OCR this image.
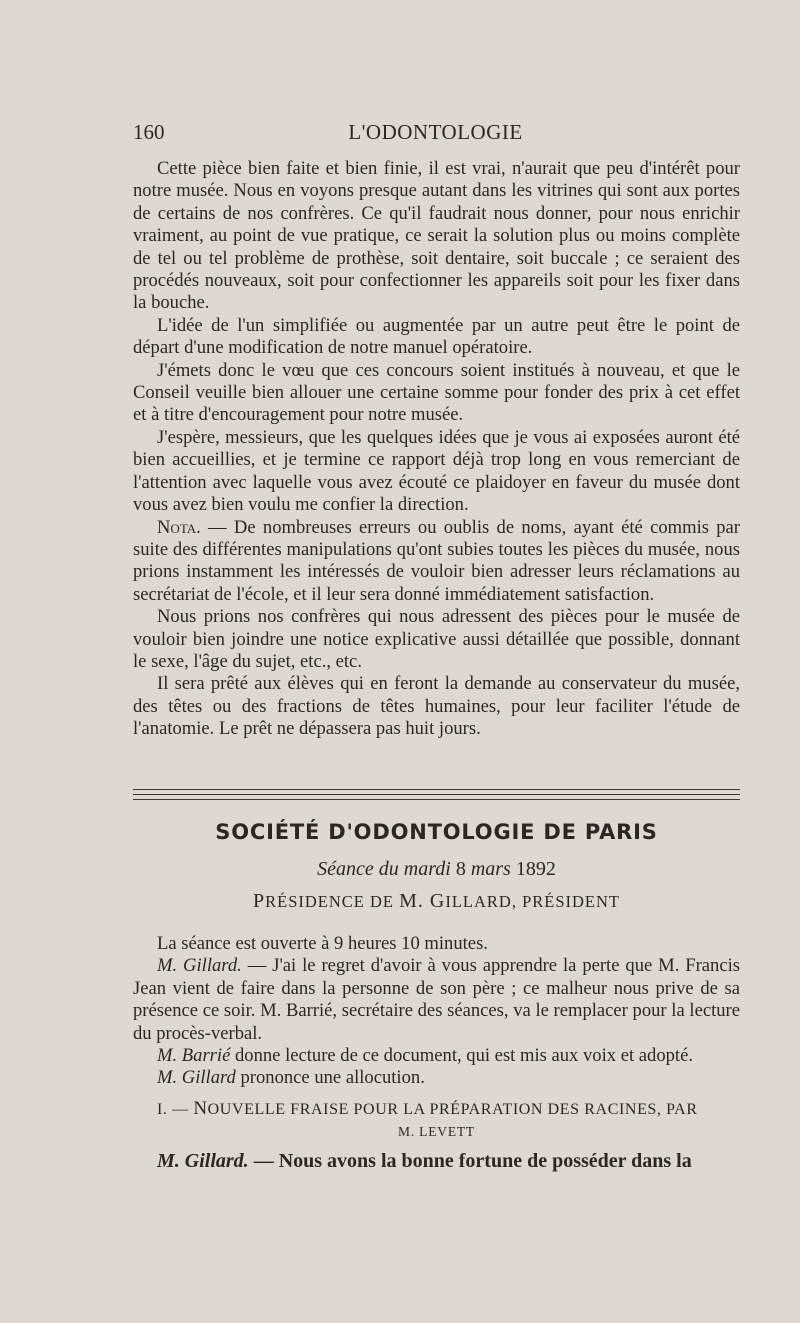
160	L'ODONTOLOGIE

Cette pièce bien faite et bien finie, il est vrai, n'aurait que peu d'intérêt pour notre musée. Nous en voyons presque autant dans les vitrines qui sont aux portes de certains de nos confrères. Ce qu'il faudrait nous donner, pour nous enrichir vraiment, au point de vue pratique, ce serait la solution plus ou moins complète de tel ou tel problème de prothèse, soit dentaire, soit buccale ; ce seraient des procédés nouveaux, soit pour confectionner les appareils soit pour les fixer dans la bouche.

L'idée de l'un simplifiée ou augmentée par un autre peut être le point de départ d'une modification de notre manuel opératoire.

J'émets donc le vœu que ces concours soient institués à nouveau, et que le Conseil veuille bien allouer une certaine somme pour fonder des prix à cet effet et à titre d'encouragement pour notre musée.

J'espère, messieurs, que les quelques idées que je vous ai exposées auront été bien accueillies, et je termine ce rapport déjà trop long en vous remerciant de l'attention avec laquelle vous avez écouté ce plaidoyer en faveur du musée dont vous avez bien voulu me confier la direction.

Nota. — De nombreuses erreurs ou oublis de noms, ayant été commis par suite des différentes manipulations qu'ont subies toutes les pièces du musée, nous prions instamment les intéressés de vouloir bien adresser leurs réclamations au secrétariat de l'école, et il leur sera donné immédiatement satisfaction.

Nous prions nos confrères qui nous adressent des pièces pour le musée de vouloir bien joindre une notice explicative aussi détaillée que possible, donnant le sexe, l'âge du sujet, etc., etc.

Il sera prêté aux élèves qui en feront la demande au conservateur du musée, des têtes ou des fractions de têtes humaines, pour leur faciliter l'étude de l'anatomie. Le prêt ne dépassera pas huit jours.

SOCIÉTÉ D'ODONTOLOGIE DE PARIS
Séance du mardi 8 mars 1892
PRÉSIDENCE DE M. GILLARD, PRÉSIDENT

La séance est ouverte à 9 heures 10 minutes.

M. Gillard. — J'ai le regret d'avoir à vous apprendre la perte que M. Francis Jean vient de faire dans la personne de son père ; ce malheur nous prive de sa présence ce soir. M. Barrié, secrétaire des séances, va le remplacer pour la lecture du procès-verbal.

M. Barrié donne lecture de ce document, qui est mis aux voix et adopté.

M. Gillard prononce une allocution.

I. — NOUVELLE FRAISE POUR LA PRÉPARATION DES RACINES, PAR

M. LEVETT

M. Gillard. — Nous avons la bonne fortune de posséder dans la
